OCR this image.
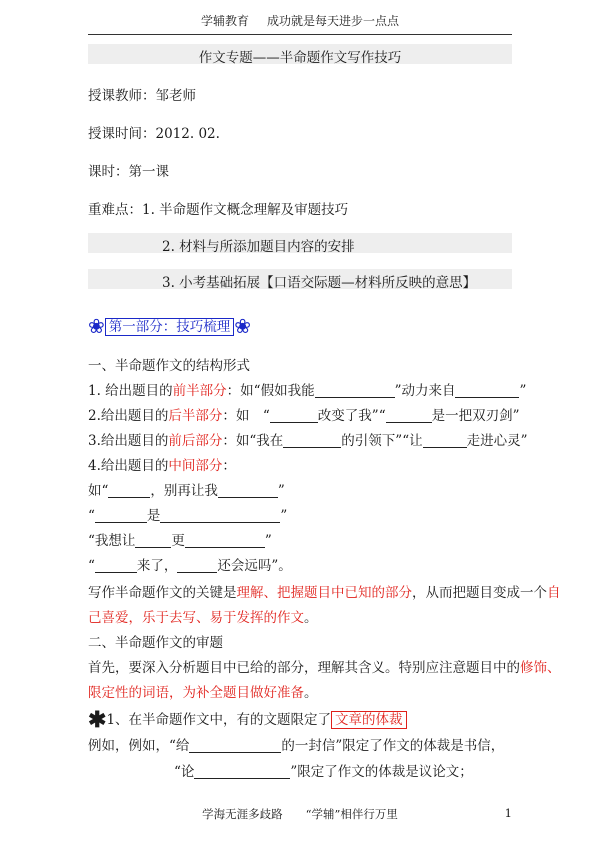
学辅教育 成功就是每天进步一点点
作文专题——半命题作文写作技巧
授课教师：邹老师
授课时间：2012. 02.
课时：第一课
重难点：1. 半命题作文概念理解及审题技巧
2. 材料与所添加题目内容的安排
3. 小考基础拓展【口语交际题—材料所反映的意思】
❀ 第一部分：技巧梳理 ❀
一、半命题作文的结构形式
1. 给出题目的前半部分：如“假如我能	”动力来自	”
2.给出题目的后半部分：如　“	改变了我”“	是一把双刃剑”
3.给出题目的前后部分：如“我在	的引领下”“让	走进心灵”
4.给出题目的中间部分：
如“	，别再让我	”
“	是	”
“我想让	更	”
“	来了，	还会远吗”。
写作半命题作文的关键是理解、把握题目中已知的部分，从而把题目变成一个自
己喜爱，乐于去写、易于发挥的作文。
二、半命题作文的审题
首先，要深入分析题目中已给的部分，理解其含义。特别应注意题目中的修饰、
限定性的词语，为补全题目做好准备。
✱1、在半命题作文中，有的文题限定了 文章的体裁
例如，例如，“给	的一封信”限定了作文的体裁是书信，
“论	”限定了作文的体裁是议论文；
学海无涯多歧路　　 “学辅”相伴行万里	1
